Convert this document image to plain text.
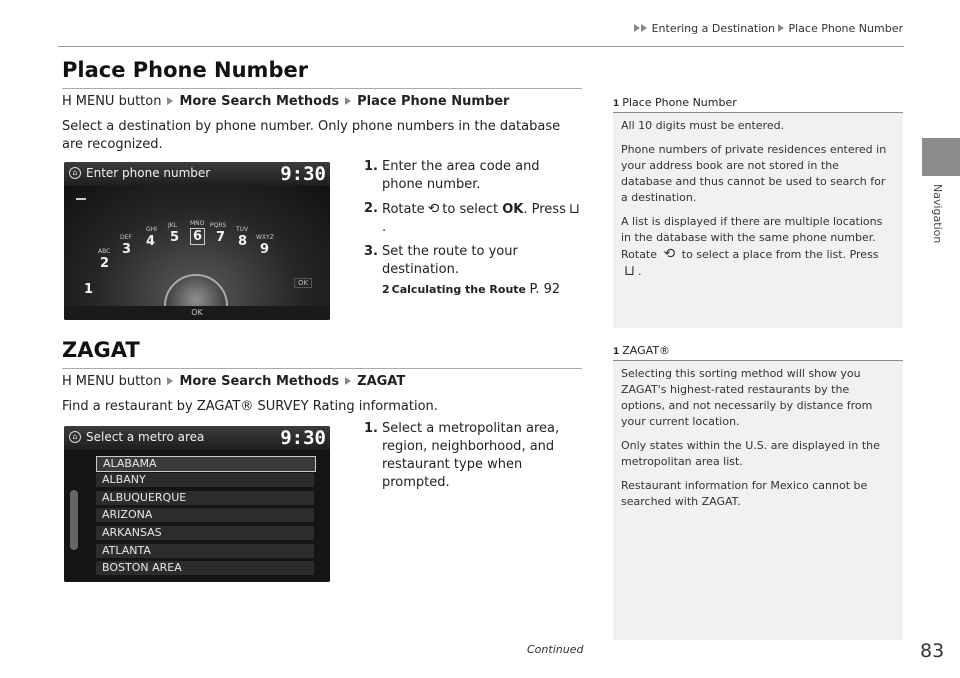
Entering a Destination Place Phone Number
Navigation
Place Phone Number
H MENU button More Search Methods Place Phone Number
Select a destination by phone number. Only phone numbers in the database are recognized.
⌂ Enter phone number	9:30
1
ABC
2
DEF
3
GHI
4
JKL
5
MNO
6
PQRS
7
TUV
8 WXYZ
9
OK
OK
1. Enter the area code and phone number.
2. Rotate ⟲ to select OK. Press ⊔.
3. Set the route to your destination.
2 Calculating the Route P. 92
1 Place Phone Number

All 10 digits must be entered.

Phone numbers of private residences entered in your address book are not stored in the database and thus cannot be used to search for a destination.

A list is displayed if there are multiple locations in the database with the same phone number. Rotate ⟲ to select a place from the list. Press ⊔ .

ZAGAT
H MENU button More Search Methods ZAGAT
Find a restaurant by ZAGAT® SURVEY Rating information.
⌂ Select a metro area	9:30
ALABAMA
ALBANY
ALBUQUERQUE
ARIZONA
ARKANSAS
ATLANTA
BOSTON AREA
1. Select a metropolitan area, region, neighborhood, and restaurant type when prompted.
1 ZAGAT®

Selecting this sorting method will show you ZAGAT's highest-rated restaurants by the options, and not necessarily by distance from your current location.

Only states within the U.S. are displayed in the metropolitan area list.

Restaurant information for Mexico cannot be searched with ZAGAT.

Continued	83
